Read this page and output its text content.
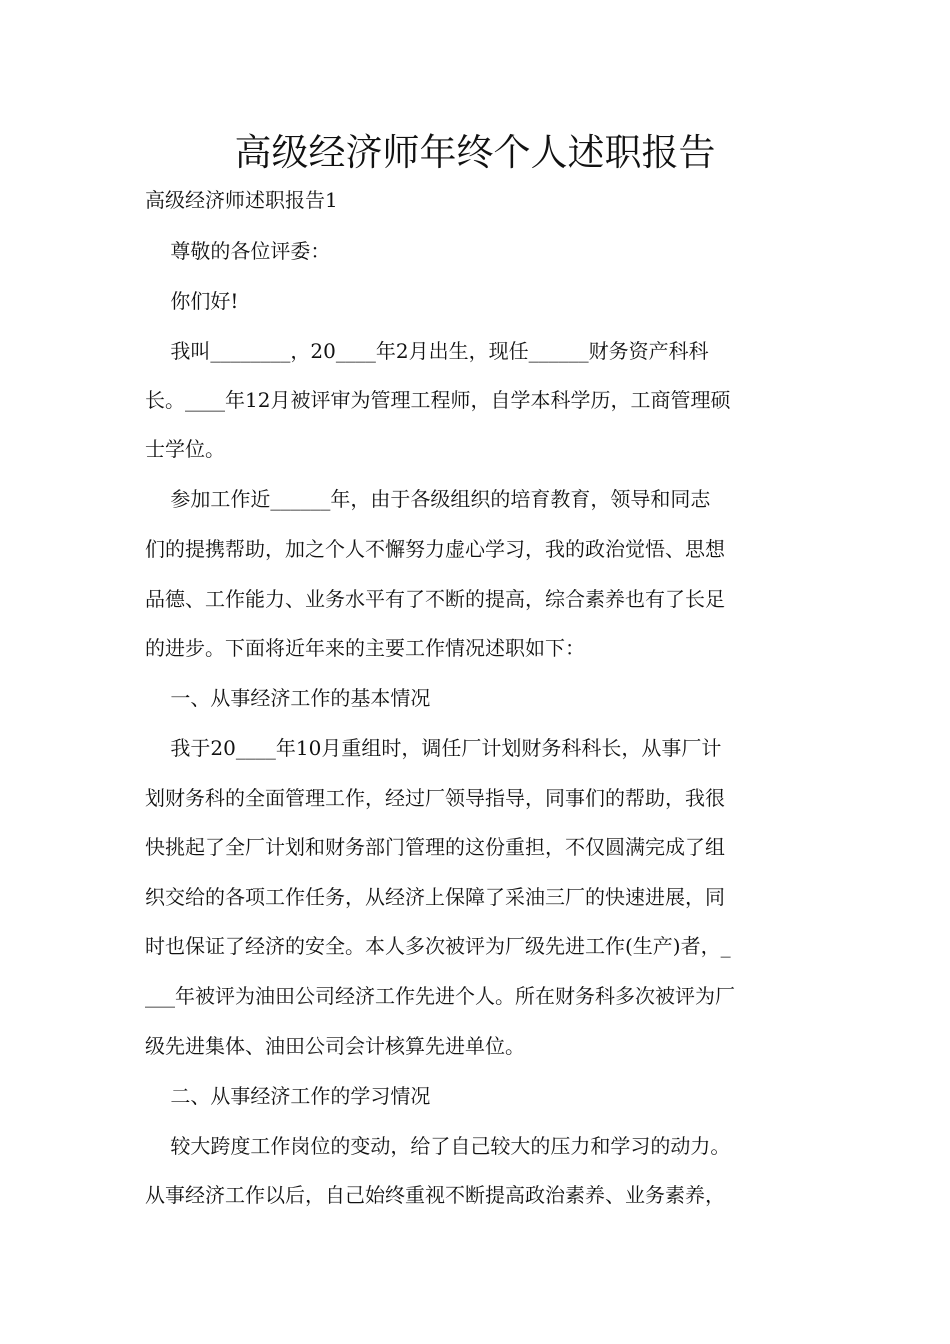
高级经济师年终个人述职报告

高级经济师述职报告1

尊敬的各位评委：

你们好!

我叫________，20____年2月出生，现任______财务资产科科

长。____年12月被评审为管理工程师，自学本科学历，工商管理硕

士学位。

参加工作近______年，由于各级组织的培育教育，领导和同志

们的提携帮助，加之个人不懈努力虚心学习，我的政治觉悟、思想

品德、工作能力、业务水平有了不断的提高，综合素养也有了长足

的进步。下面将近年来的主要工作情况述职如下：

一、从事经济工作的基本情况

我于20____年10月重组时，调任厂计划财务科科长，从事厂计

划财务科的全面管理工作，经过厂领导指导，同事们的帮助，我很

快挑起了全厂计划和财务部门管理的这份重担，不仅圆满完成了组

织交给的各项工作任务，从经济上保障了采油三厂的快速进展，同

时也保证了经济的安全。本人多次被评为厂级先进工作(生产)者，_

___年被评为油田公司经济工作先进个人。所在财务科多次被评为厂

级先进集体、油田公司会计核算先进单位。

二、从事经济工作的学习情况

较大跨度工作岗位的变动，给了自己较大的压力和学习的动力。

从事经济工作以后，自己始终重视不断提高政治素养、业务素养，
